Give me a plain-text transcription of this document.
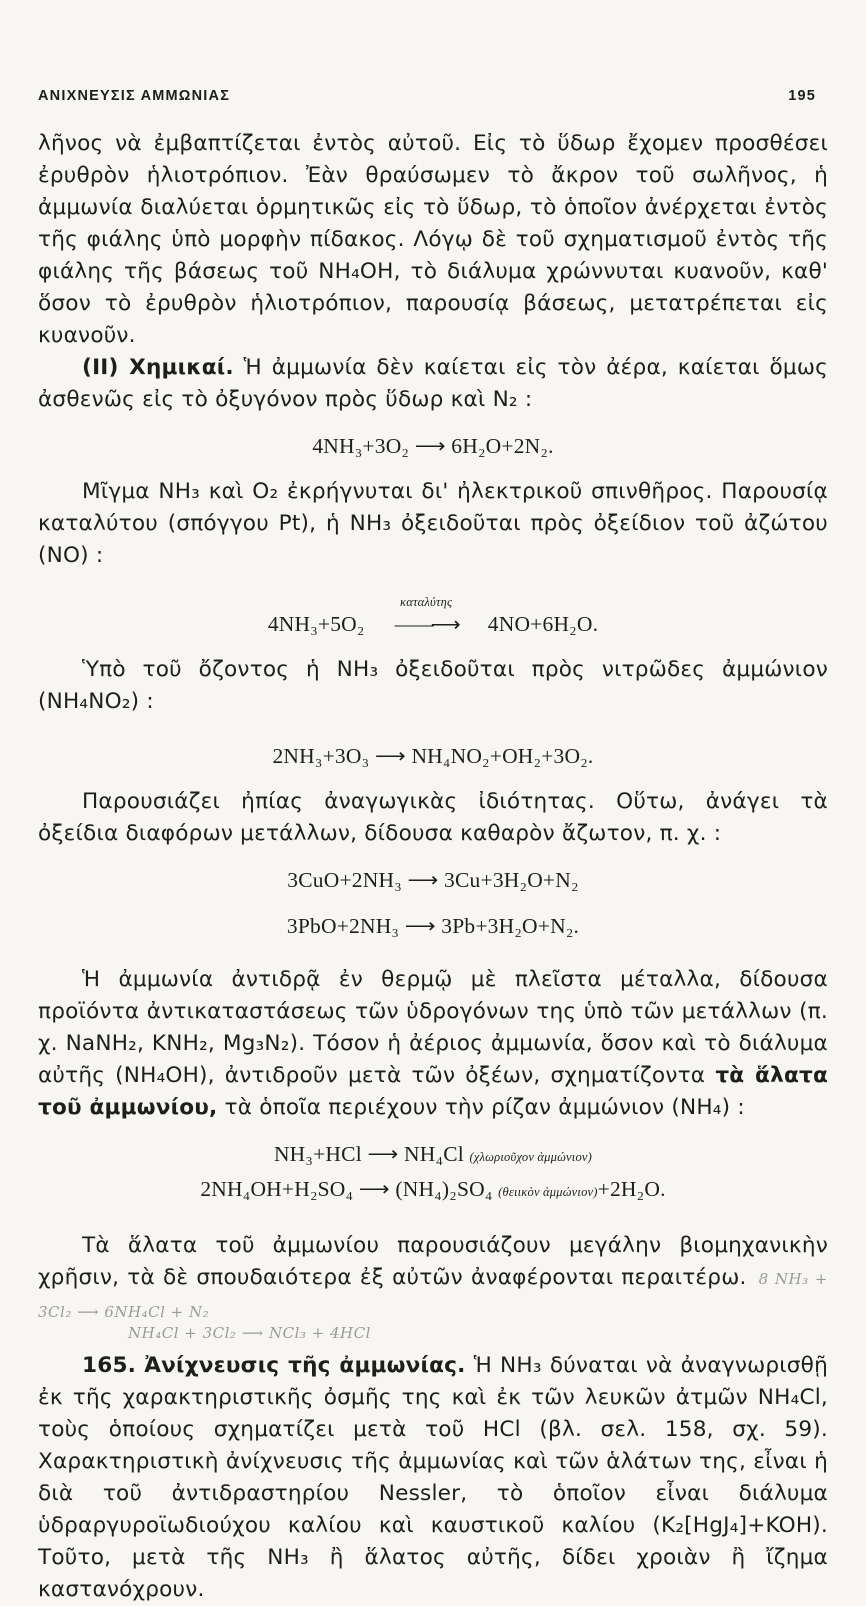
ΑΝΙΧΝΕΥΣΙΣ ΑΜΜΩΝΙΑΣ	195

λῆνος νὰ ἐμβαπτίζεται ἐντὸς αὐτοῦ. Εἰς τὸ ὕδωρ ἔχομεν προσθέσει ἐρυθρὸν ἡλιοτρόπιον. Ἐὰν θραύσωμεν τὸ ἄκρον τοῦ σωλῆνος, ἡ ἀμμωνία διαλύεται ὁρμητικῶς εἰς τὸ ὕδωρ, τὸ ὁποῖον ἀνέρχεται ἐντὸς τῆς φιάλης ὑπὸ μορφὴν πίδακος. Λόγῳ δὲ τοῦ σχηματισμοῦ ἐντὸς τῆς φιάλης τῆς βάσεως τοῦ NH₄OH, τὸ διάλυμα χρώννυται κυανοῦν, καθ' ὅσον τὸ ἐρυθρὸν ἡλιοτρόπιον, παρουσίᾳ βάσεως, μετατρέπεται εἰς κυανοῦν.

(ΙΙ) Χημικαί. Ἡ ἀμμωνία δὲν καίεται εἰς τὸν ἀέρα, καίεται ὅμως ἀσθενῶς εἰς τὸ ὀξυγόνον πρὸς ὕδωρ καὶ N₂ :

4NH₃+3O₂ ⟶ 6H₂O+2N₂.

Μῖγμα NH₃ καὶ O₂ ἐκρήγνυται δι' ἠλεκτρικοῦ σπινθῆρος. Παρουσίᾳ καταλύτου (σπόγγου Pt), ἡ NH₃ ὀξειδοῦται πρὸς ὀξείδιον τοῦ ἀζώτου (NO) :

4NH₃+5O₂
καταλύτης
——⟶ 4NO+6H₂O.

Ὑπὸ τοῦ ὄζοντος ἡ NH₃ ὀξειδοῦται πρὸς νιτρῶδες ἀμμώνιον (NH₄NO₂) :

2NH₃+3O₃ ⟶ NH₄NO₂+OH₂+3O₂.

Παρουσιάζει ἠπίας ἀναγωγικὰς ἰδιότητας. Οὕτω, ἀνάγει τὰ ὀξείδια διαφόρων μετάλλων, δίδουσα καθαρὸν ἄζωτον, π. χ. :

3CuO+2NH₃ ⟶ 3Cu+3H₂O+N₂

3PbO+2NH₃ ⟶ 3Pb+3H₂O+N₂.

Ἡ ἀμμωνία ἀντιδρᾷ ἐν θερμῷ μὲ πλεῖστα μέταλλα, δίδουσα προϊόντα ἀντικαταστάσεως τῶν ὑδρογόνων της ὑπὸ τῶν μετάλλων (π. χ. NaNH₂, KNH₂, Mg₃N₂). Τόσον ἡ ἀέριος ἀμμωνία, ὅσον καὶ τὸ διάλυμα αὐτῆς (NH₄OH), ἀντιδροῦν μετὰ τῶν ὀξέων, σχηματίζοντα τὰ ἅλατα τοῦ ἀμμωνίου, τὰ ὁποῖα περιέχουν τὴν ρίζαν ἀμμώνιον (NH₄) :

NH₃+HCl ⟶ NH₄Cl (χλωριοῦχον ἀμμώνιον)

2NH₄OH+H₂SO₄ ⟶ (NH₄)₂SO₄ (θειικὸν ἀμμώνιον)+2H₂O.

Τὰ ἅλατα τοῦ ἀμμωνίου παρουσιάζουν μεγάλην βιομηχανικὴν χρῆσιν, τὰ δὲ σπουδαιότερα ἐξ αὐτῶν ἀναφέρονται περαιτέρω. 8 NH₃ + 3Cl₂ ⟶ 6NH₄Cl + N₂

NH₄Cl + 3Cl₂ ⟶ NCl₃ + 4HCl

165. Ἀνίχνευσις τῆς ἀμμωνίας. Ἡ NH₃ δύναται νὰ ἀναγνωρισθῇ ἐκ τῆς χαρακτηριστικῆς ὀσμῆς της καὶ ἐκ τῶν λευκῶν ἀτμῶν NH₄Cl, τοὺς ὁποίους σχηματίζει μετὰ τοῦ HCl (βλ. σελ. 158, σχ. 59). Χαρακτηριστικὴ ἀνίχνευσις τῆς ἀμμωνίας καὶ τῶν ἁλάτων της, εἶναι ἡ διὰ τοῦ ἀντιδραστηρίου Nessler, τὸ ὁποῖον εἶναι διάλυμα ὑδραργυροϊωδιούχου καλίου καὶ καυστικοῦ καλίου (K₂[HgJ₄]+KOH). Τοῦτο, μετὰ τῆς NH₃ ἢ ἅλατος αὐτῆς, δίδει χροιὰν ἢ ἴζημα καστανόχρουν.
